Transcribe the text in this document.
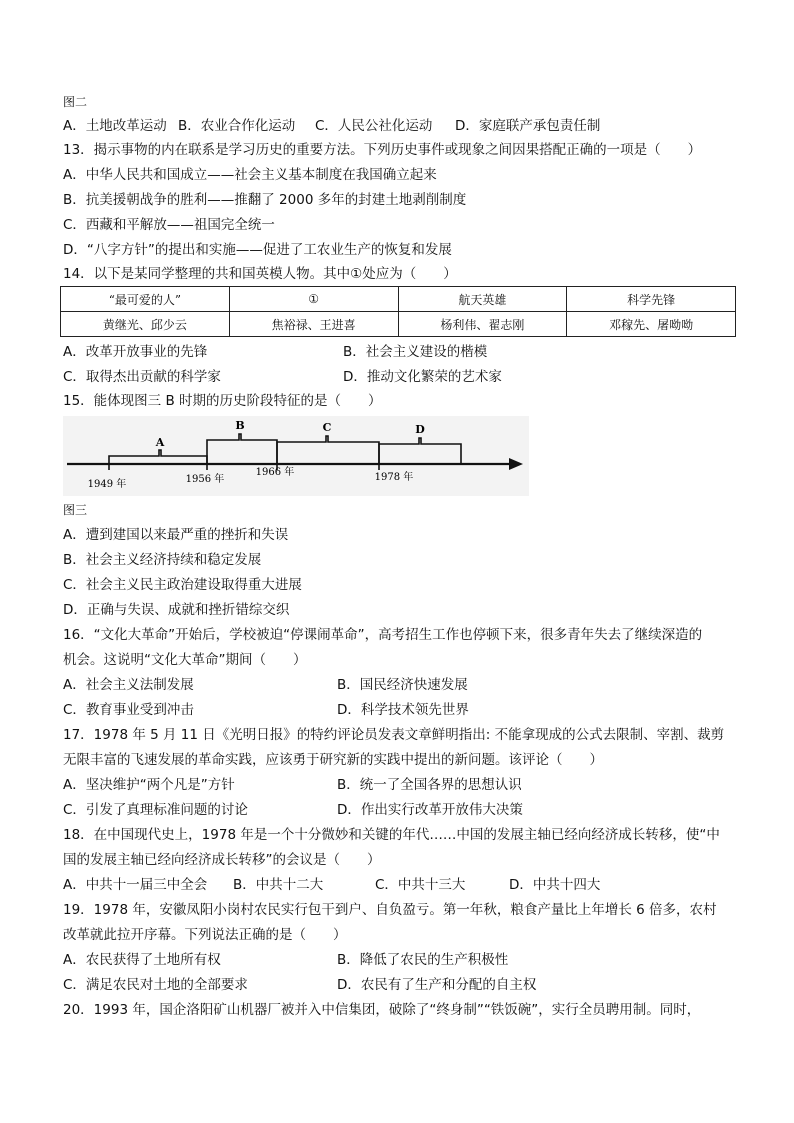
图二
A．土地改革运动 B．农业合作化运动 C．人民公社化运动 D．家庭联产承包责任制
13．揭示事物的内在联系是学习历史的重要方法。下列历史事件或现象之间因果搭配正确的一项是（　　）
A．中华人民共和国成立——社会主义基本制度在我国确立起来
B．抗美援朝战争的胜利——推翻了 2000 多年的封建土地剥削制度
C．西藏和平解放——祖国完全统一
D．“八字方针”的提出和实施——促进了工农业生产的恢复和发展
14．以下是某同学整理的共和国英模人物。其中①处应为（　　）
“最可爱的人”	①	航天英雄	科学先锋
黄继光、邱少云	焦裕禄、王进喜	杨利伟、翟志刚	邓稼先、屠呦呦
A．改革开放事业的先锋	B．社会主义建设的楷模
C．取得杰出贡献的科学家	D．推动文化繁荣的艺术家
15．能体现图三 B 时期的历史阶段特征的是（　　）
A
B	C	D
1949 年	1956 年
1966 年	1978 年
图三
A．遭到建国以来最严重的挫折和失误
B．社会主义经济持续和稳定发展
C．社会主义民主政治建设取得重大进展
D．正确与失误、成就和挫折错综交织
16．“文化大革命”开始后，学校被迫“停课闹革命”，高考招生工作也停顿下来，很多青年失去了继续深造的
机会。这说明“文化大革命”期间（　　）
A．社会主义法制发展	B．国民经济快速发展
C．教育事业受到冲击	D．科学技术领先世界
17．1978 年 5 月 11 日《光明日报》的特约评论员发表文章鲜明指出: 不能拿现成的公式去限制、宰割、裁剪
无限丰富的飞速发展的革命实践，应该勇于研究新的实践中提出的新问题。该评论（　　）
A．坚决维护“两个凡是”方针	B．统一了全国各界的思想认识
C．引发了真理标准问题的讨论	D．作出实行改革开放伟大决策
18．在中国现代史上，1978 年是一个十分微妙和关键的年代……中国的发展主轴已经向经济成长转移，使“中
国的发展主轴已经向经济成长转移”的会议是（　　）
A．中共十一届三中全会 B．中共十二大	C．中共十三大	D．中共十四大
19．1978 年，安徽凤阳小岗村农民实行包干到户、自负盈亏。第一年秋，粮食产量比上年增长 6 倍多，农村
改革就此拉开序幕。下列说法正确的是（　　）
A．农民获得了土地所有权	B．降低了农民的生产积极性
C．满足农民对土地的全部要求	D．农民有了生产和分配的自主权
20．1993 年，国企洛阳矿山机器厂被并入中信集团，破除了“终身制”“铁饭碗”，实行全员聘用制。同时，
